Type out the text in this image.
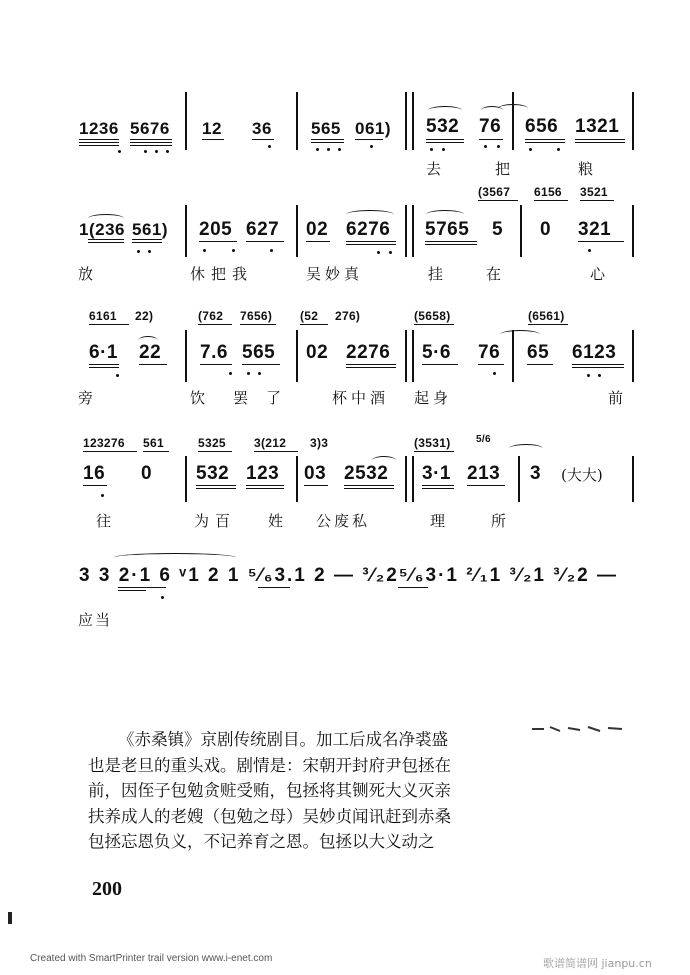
1236 5676 12 36 565 061) 532 76 656 1321
去	把	粮
(3567 6156 3521
1(236 561) 205 627 02 6276 5765 5 0 321
放	休把我	吴妙真	挂	在	心
6161 22)	(762 7656) (52 276)	(5658)	(6561)
6·1 22 7.6 565 02 2276 5·6 76 65 6123
旁	饮 罢 了	杯中酒 起身	前
123276 561	5325 3(212 3)3	(3531)	5/6
16 0 532 123 03 2532 3·1 213 3 (大大)
往	为百 姓 公废私	理	所
3 3 2·1 6 ᵛ1 2 1 ⁵⁄₆3.1 2 — ³⁄₂2⁵⁄₆3·1 ²⁄₁1 ³⁄₂1 ³⁄₂2 —
应当
《赤桑镇》京剧传统剧目。加工后成名净裘盛
也是老旦的重头戏。剧情是：宋朝开封府尹包拯在
前，因侄子包勉贪赃受贿，包拯将其铡死大义灭亲
扶养成人的老嫂（包勉之母）吴妙贞闻讯赶到赤桑
包拯忘恩负义，不记养育之恩。包拯以大义动之
200
Created with SmartPrinter trail version www.i-enet.com	歌谱简谱网 jianpu.cn
